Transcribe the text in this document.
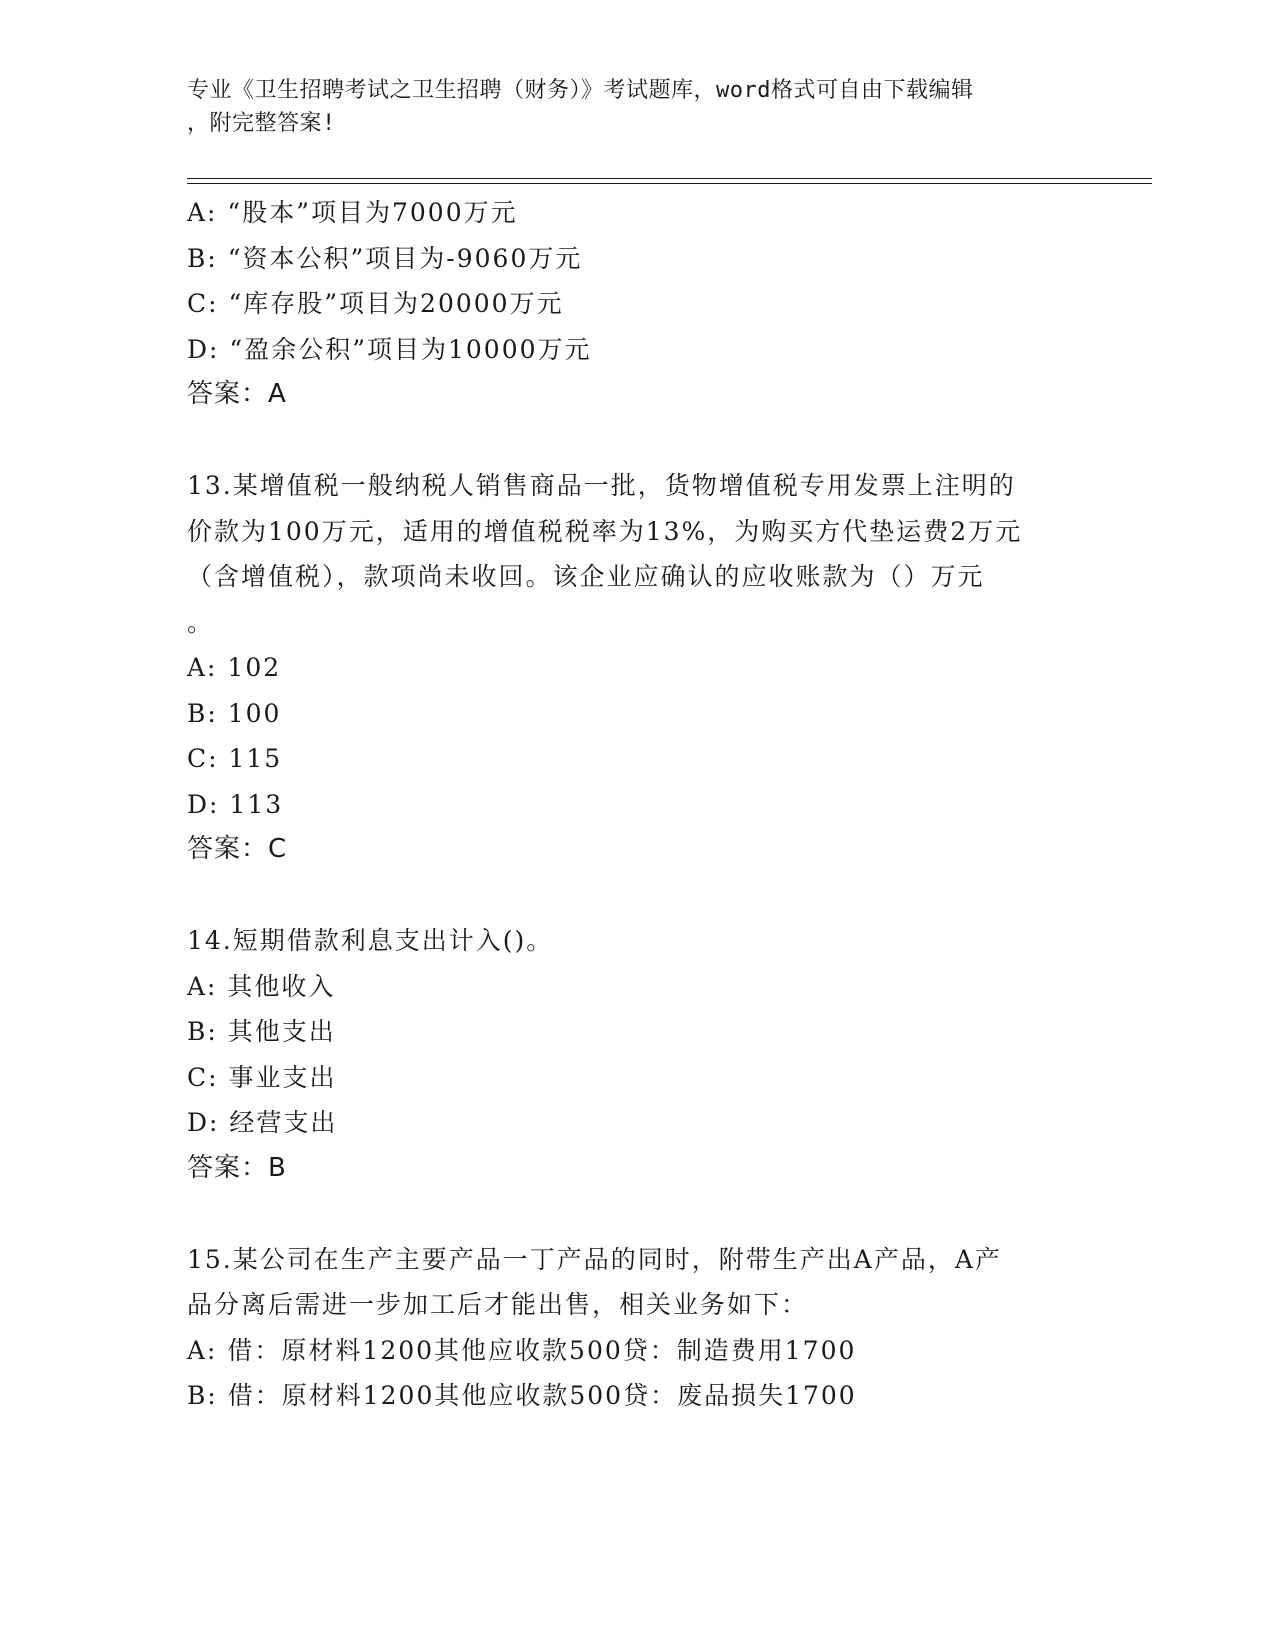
专业《卫生招聘考试之卫生招聘（财务）》考试题库，word格式可自由下载编辑
，附完整答案!
A: “股本”项目为7000万元
B: “资本公积”项目为-9060万元
C: “库存股”项目为20000万元
D: “盈余公积”项目为10000万元
答案：A
13.某增值税一般纳税人销售商品一批，货物增值税专用发票上注明的
价款为100万元，适用的增值税税率为13%，为购买方代垫运费2万元
（含增值税），款项尚未收回。该企业应确认的应收账款为（）万元
。
A: 102
B: 100
C: 115
D: 113
答案：C
14.短期借款利息支出计入()。
A: 其他收入
B: 其他支出
C: 事业支出
D: 经营支出
答案：B
15.某公司在生产主要产品一丁产品的同时，附带生产出A产品，A产
品分离后需进一步加工后才能出售，相关业务如下：
A: 借：原材料1200其他应收款500贷：制造费用1700
B: 借：原材料1200其他应收款500贷：废品损失1700
